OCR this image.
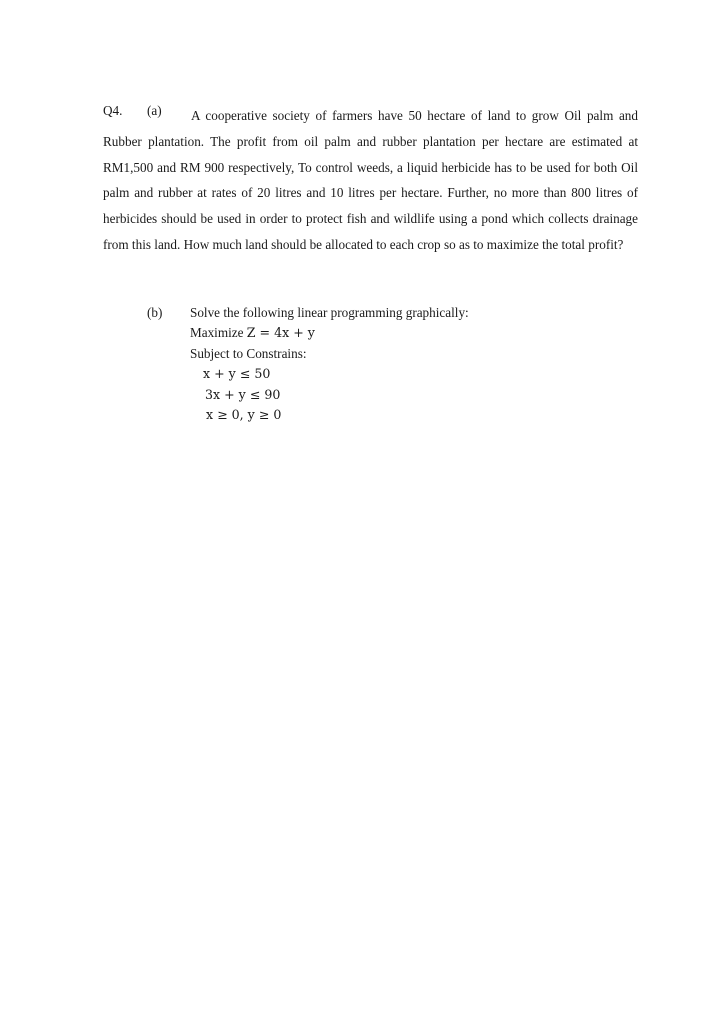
Q4. (a)	A cooperative society of farmers have 50 hectare of land to grow Oil palm and Rubber plantation. The profit from oil palm and rubber plantation per hectare are estimated at RM1,500 and RM 900 respectively, To control weeds, a liquid herbicide has to be used for both Oil palm and rubber at rates of 20 litres and 10 litres per hectare. Further, no more than 800 litres of herbicides should be used in order to protect fish and wildlife using a pond which collects drainage from this land. How much land should be allocated to each crop so as to maximize the total profit?

(b) Solve the following linear programming graphically:
Maximize Z = 4x + y
Subject to Constrains:
x + y ≤ 50
3x + y ≤ 90
x ≥ 0, y ≥ 0
